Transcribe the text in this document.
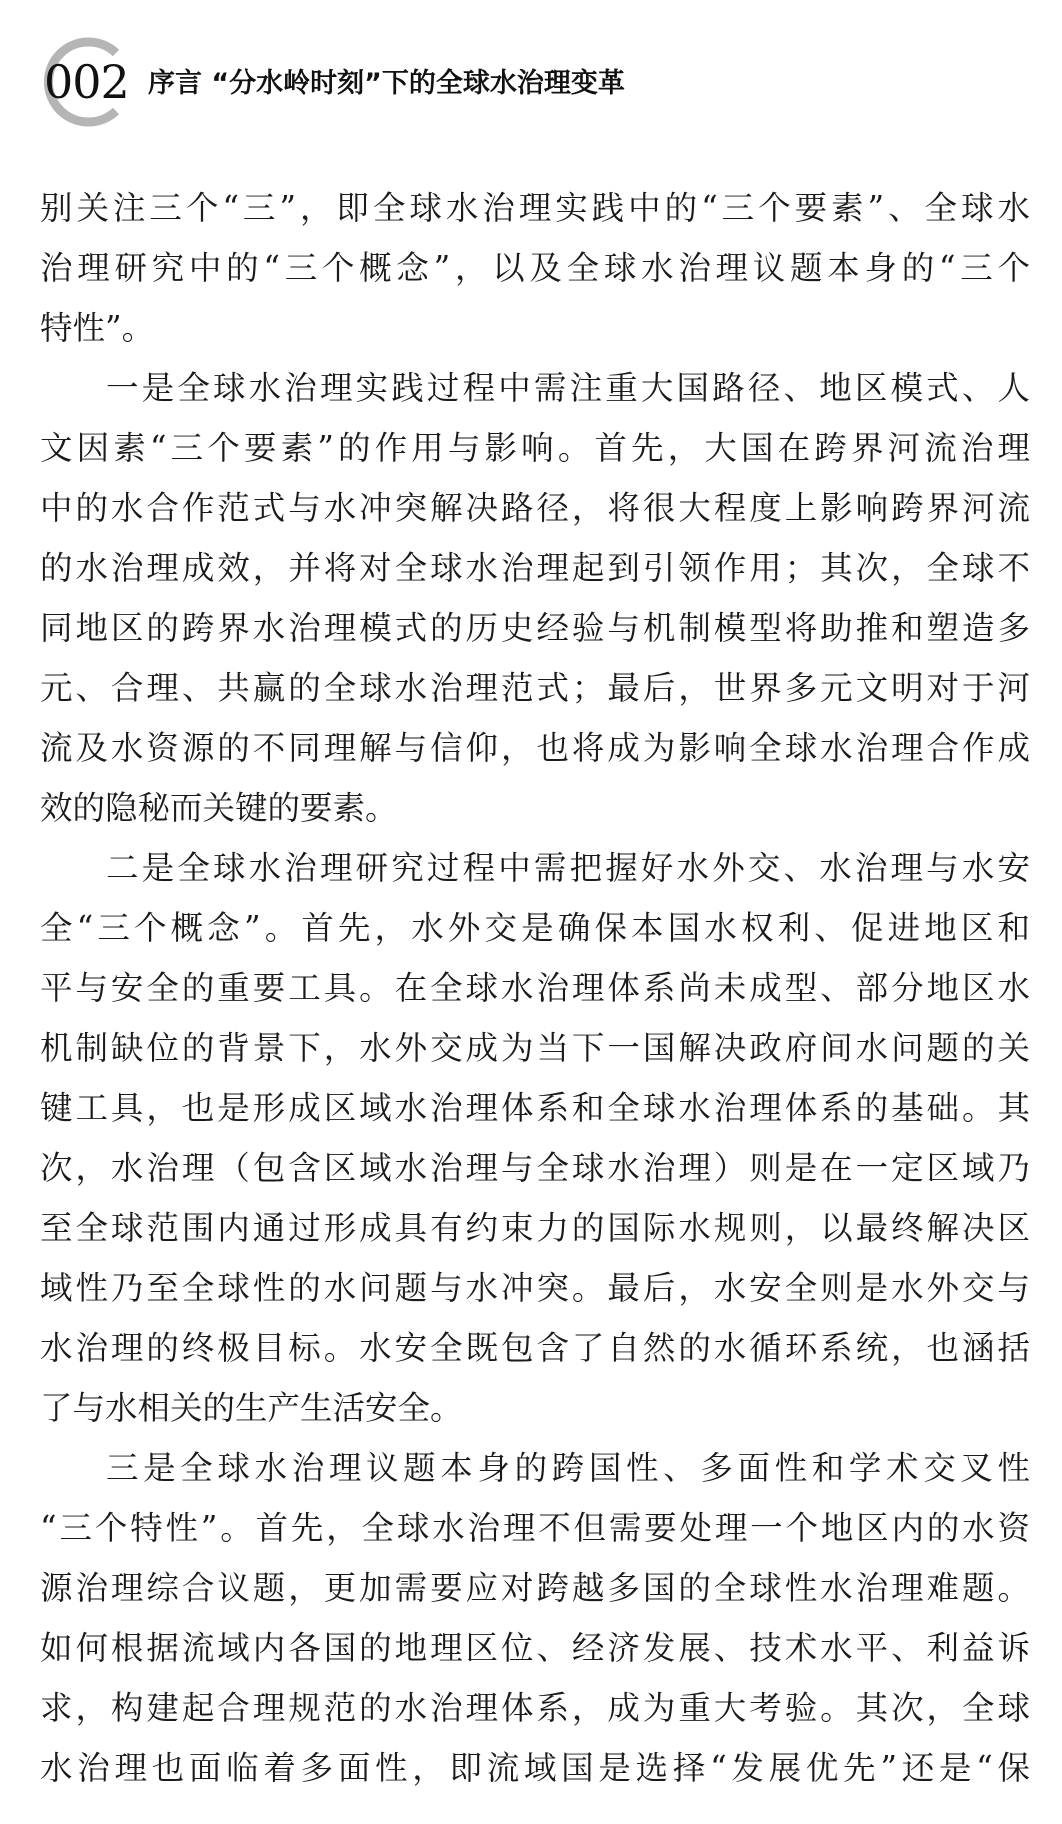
002 序言 “分水岭时刻”下的全球水治理变革
别关注三个“三”，即全球水治理实践中的“三个要素”、全球水
治理研究中的“三个概念”，以及全球水治理议题本身的“三个
特性”。
一是全球水治理实践过程中需注重大国路径、地区模式、人
文因素“三个要素”的作用与影响。首先，大国在跨界河流治理
中的水合作范式与水冲突解决路径，将很大程度上影响跨界河流
的水治理成效，并将对全球水治理起到引领作用；其次，全球不
同地区的跨界水治理模式的历史经验与机制模型将助推和塑造多
元、合理、共赢的全球水治理范式；最后，世界多元文明对于河
流及水资源的不同理解与信仰，也将成为影响全球水治理合作成
效的隐秘而关键的要素。
二是全球水治理研究过程中需把握好水外交、水治理与水安
全“三个概念”。首先，水外交是确保本国水权利、促进地区和
平与安全的重要工具。在全球水治理体系尚未成型、部分地区水
机制缺位的背景下，水外交成为当下一国解决政府间水问题的关
键工具，也是形成区域水治理体系和全球水治理体系的基础。其
次，水治理（包含区域水治理与全球水治理）则是在一定区域乃
至全球范围内通过形成具有约束力的国际水规则，以最终解决区
域性乃至全球性的水问题与水冲突。最后，水安全则是水外交与
水治理的终极目标。水安全既包含了自然的水循环系统，也涵括
了与水相关的生产生活安全。
三是全球水治理议题本身的跨国性、多面性和学术交叉性
“三个特性”。首先，全球水治理不但需要处理一个地区内的水资
源治理综合议题，更加需要应对跨越多国的全球性水治理难题。
如何根据流域内各国的地理区位、经济发展、技术水平、利益诉
求，构建起合理规范的水治理体系，成为重大考验。其次，全球
水治理也面临着多面性，即流域国是选择“发展优先”还是“保
